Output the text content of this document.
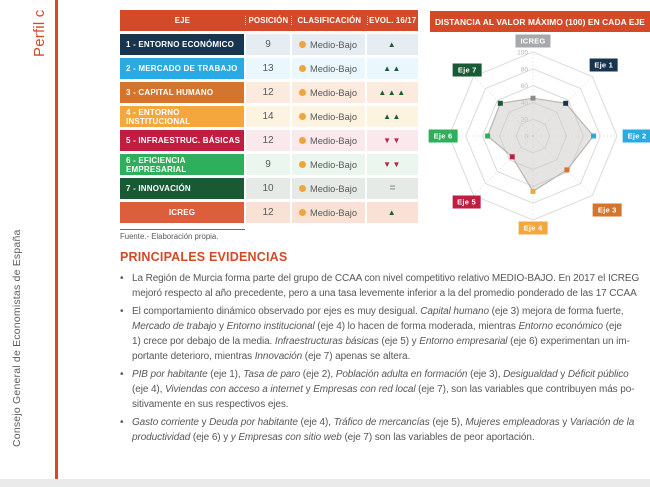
Perfil c
Consejo General de Economistas de España
EJE	POSICIÓN	CLASIFICACIÓN	EVOL. 16/17
1 - ENTORNO ECONÓMICO	9	Medio-Bajo	▲
2 - MERCADO DE TRABAJO	13	Medio-Bajo	▲▲
3 - CAPITAL HUMANO	12	Medio-Bajo	▲▲▲
4 - ENTORNO INSTITUCIONAL	14	Medio-Bajo	▲▲
5 - INFRAESTRUC. BÁSICAS	12	Medio-Bajo	▼▼
6 - EFICIENCIA EMPRESARIAL	9	Medio-Bajo	▼▼
7 - INNOVACIÓN	10	Medio-Bajo	=
ICREG	12	Medio-Bajo	▲
Fuente.- Elaboración propia.
DISTANCIA AL VALOR MÁXIMO (100) EN CADA EJE
60
80
100
ICREG
Eje 1
Eje 2
Eje 3
Eje 4
Eje 5
Eje 6
Eje 7
PRINCIPALES EVIDENCIAS
• La Región de Murcia forma parte del grupo de CCAA con nivel competitivo relativo MEDIO-BAJO. En 2017 el ICREG
mejoró respecto al año precedente, pero a una tasa levemente inferior a la del promedio ponderado de las 17 CCAA
• El comportamiento dinámico observado por ejes es muy desigual. Capital humano (eje 3) mejora de forma fuerte,
Mercado de trabajo y Entorno institucional (eje 4) lo hacen de forma moderada, mientras Entorno económico (eje
1) crece por debajo de la media. Infraestructuras básicas (eje 5) y Entorno empresarial (eje 6) experimentan un im-
portante deterioro, mientras Innovación (eje 7) apenas se altera.
• PIB por habitante (eje 1), Tasa de paro (eje 2), Población adulta en formación (eje 3), Desigualdad y Déficit público
(eje 4), Viviendas con acceso a internet y Empresas con red local (eje 7), son las variables que contribuyen más po-
sitivamente en sus respectivos ejes.
• Gasto corriente y Deuda por habitante (eje 4), Tráfico de mercancías (eje 5), Mujeres empleadoras y Variación de la
productividad (eje 6) y y Empresas con sitio web (eje 7) son las variables de peor aportación.
